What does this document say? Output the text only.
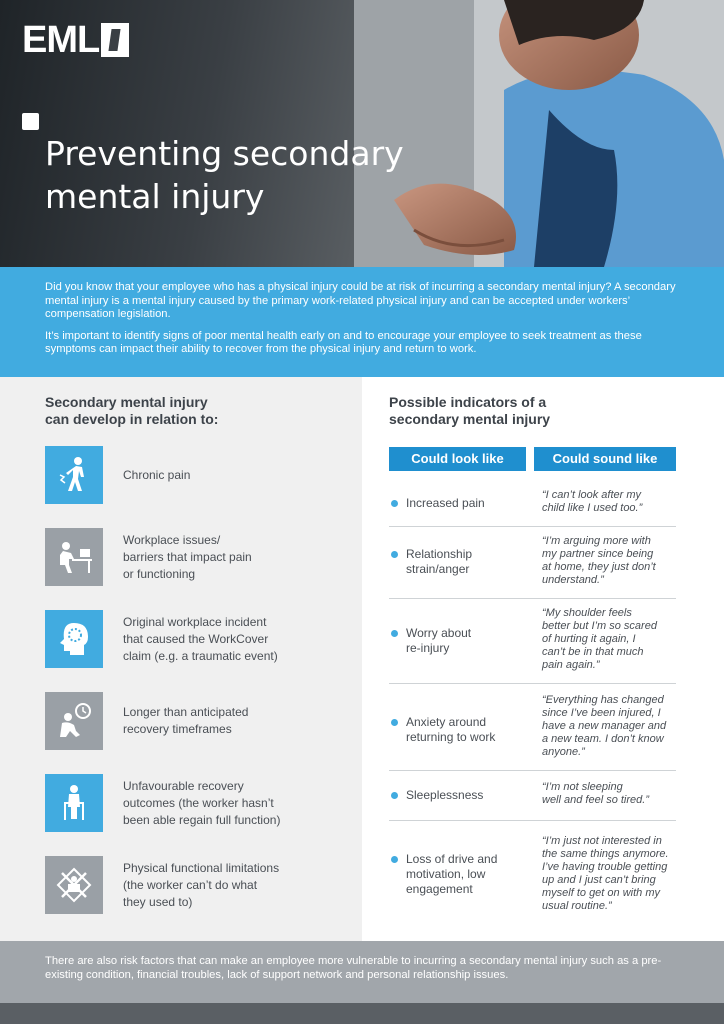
EML
Preventing secondary
mental injury

Did you know that your employee who has a physical injury could be at risk of incurring a secondary mental injury? A secondary mental injury is a mental injury caused by the primary work-related physical injury and can be accepted under workers’ compensation legislation.

It’s important to identify signs of poor mental health early on and to encourage your employee to seek treatment as these symptoms can impact their ability to recover from the physical injury and return to work.

Secondary mental injury
can develop in relation to:
Chronic pain
Workplace issues/
barriers that impact pain
or functioning
Original workplace incident
that caused the WorkCover
claim (e.g. a traumatic event)
Longer than anticipated
recovery timeframes
Unfavourable recovery
outcomes (the worker hasn’t
been able regain full function)
Physical functional limitations
(the worker can’t do what
they used to)
Possible indicators of a
secondary mental injury
Could look like	Could sound like
Increased pain
“I can’t look after my
child like I used too.”
Relationship
strain/anger
“I’m arguing more with
my partner since being
at home, they just don’t
understand.”
Worry about
re-injury
“My shoulder feels
better but I’m so scared
of hurting it again, I
can’t be in that much
pain again.”
Anxiety around
returning to work
“Everything has changed
since I’ve been injured, I
have a new manager and
a new team. I don’t know
anyone.”
Sleeplessness
“I’m not sleeping
well and feel so tired.”
Loss of drive and
motivation, low
engagement
“I’m just not interested in
the same things anymore.
I’ve having trouble getting
up and I just can’t bring
myself to get on with my
usual routine.”

There are also risk factors that can make an employee more vulnerable to incurring a secondary mental injury such as a pre-existing condition, financial troubles, lack of support network and personal relationship issues.
